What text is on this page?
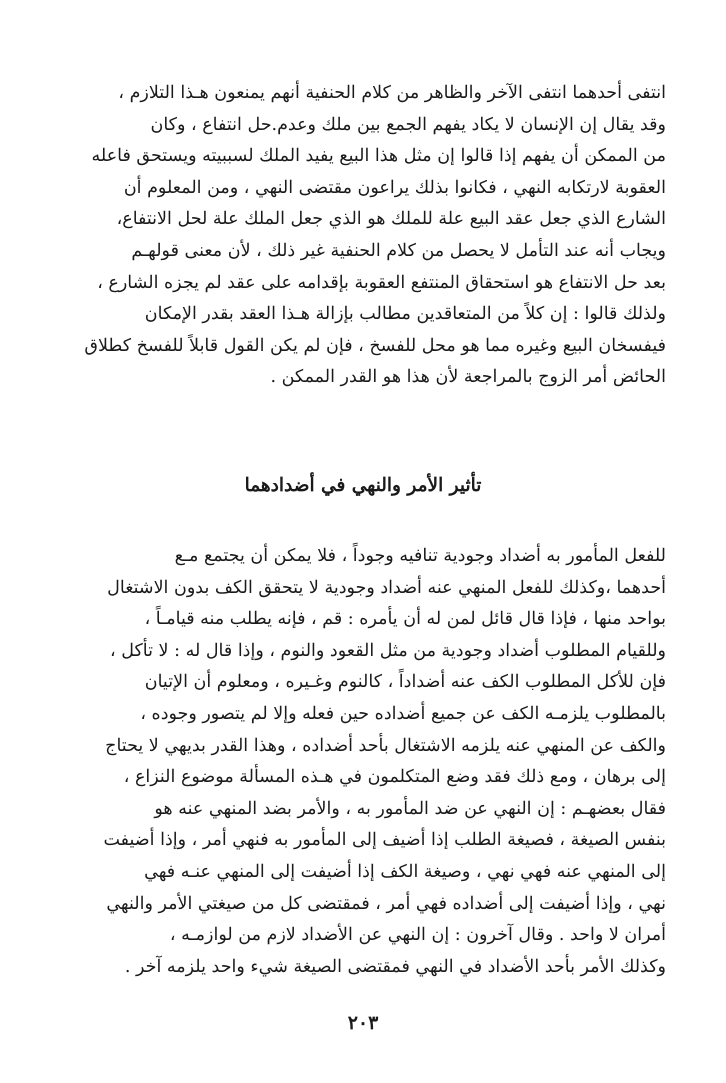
انتفى أحدهما انتفى الآخر والظاهر من كلام الحنفية أنهم يمنعون هـذا التلازم ،
وقد يقال إن الإنسان لا يكاد يفهم الجمع بين ملك وعدم.حل انتفاع ، وكان
من الممكن أن يفهم إذا قالوا إن مثل هذا البيع يفيد الملك لسببيته ويستحق فاعله
العقوبة لارتكابه النهي ، فكانوا بذلك يراعون مقتضى النهي ، ومن المعلوم أن
الشارع الذي جعل عقد البيع علة للملك هو الذي جعل الملك علة لحل الانتفاع،
ويجاب أنه عند التأمل لا يحصل من كلام الحنفية غير ذلك ، لأن معنى قولهـم
بعد حل الانتفاع هو استحقاق المنتفع العقوبة بإقدامه على عقد لم يجزه الشارع ،
ولذلك قالوا : إن كلاً من المتعاقدين مطالب بإزالة هـذا العقد بقدر الإمكان
فيفسخان البيع وغيره مما هو محل للفسخ ، فإن لم يكن القول قابلاً للفسخ كطلاق
الحائض أمر الزوج بالمراجعة لأن هذا هو القدر الممكن .
تأثير الأمر والنهي في أضدادهما
للفعل المأمور به أضداد وجودية تنافيه وجوداً ، فلا يمكن أن يجتمع مـع
أحدهما ،وكذلك للفعل المنهي عنه أضداد وجودية لا يتحقق الكف بدون الاشتغال
بواحد منها ، فإذا قال قائل لمن له أن يأمره : قم ، فإنه يطلب منه قيامـاً ،
وللقيام المطلوب أضداد وجودية من مثل القعود والنوم ، وإذا قال له : لا تأكل ،
فإن للأكل المطلوب الكف عنه أضداداً ، كالنوم وغـيره ، ومعلوم أن الإتيان
بالمطلوب يلزمـه الكف عن جميع أضداده حين فعله وإلا لم يتصور وجوده ،
والكف عن المنهي عنه يلزمه الاشتغال بأحد أضداده ، وهذا القدر بديهي لا يحتاج
إلى برهان ، ومع ذلك فقد وضع المتكلمون في هـذه المسألة موضوع النزاع ،
فقال بعضهـم : إن النهي عن ضد المأمور به ، والأمر بضد المنهي عنه هو
بنفس الصيغة ، فصيغة الطلب إذا أضيف إلى المأمور به فنهي أمر ، وإذا أضيفت
إلى المنهي عنه فهي نهي ، وصيغة الكف إذا أضيفت إلى المنهي عنـه فهي
نهي ، وإذا أضيفت إلى أضداده فهي أمر ، فمقتضى كل من صيغتي الأمر والنهي
أمران لا واحد . وقال آخرون : إن النهي عن الأضداد لازم من لوازمـه ،
وكذلك الأمر بأحد الأضداد في النهي فمقتضى الصيغة شيء واحد يلزمه آخر .
٢٠٣
